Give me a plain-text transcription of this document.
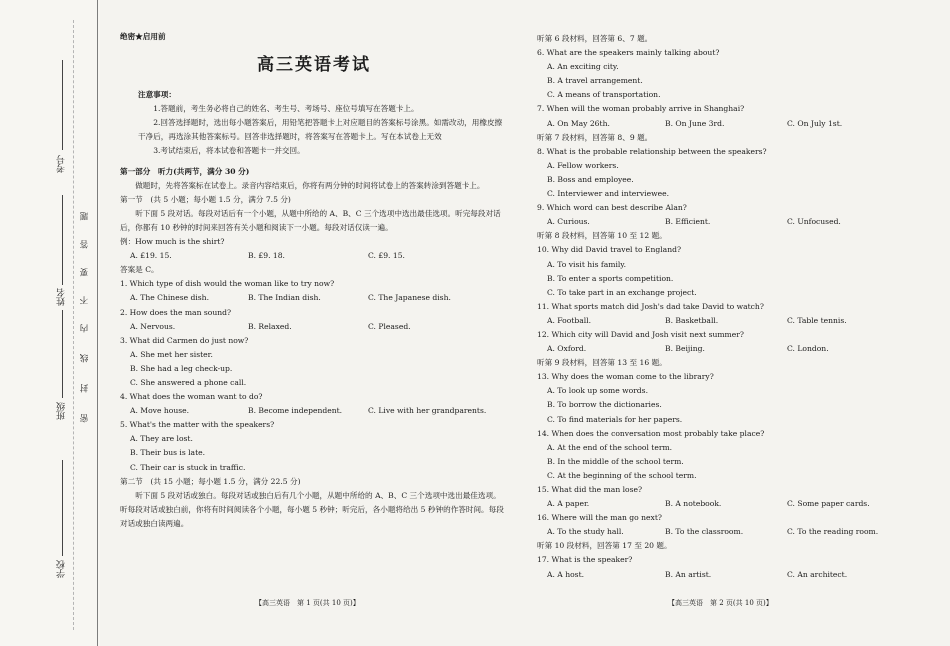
考号
姓名
班级
学校
题
答
要
不
内
线
封
密
绝密★启用前
高三英语考试
注意事项：
1.答题前，考生务必将自己的姓名、考生号、考场号、座位号填写在答题卡上。
2.回答选择题时，选出每小题答案后，用铅笔把答题卡上对应题目的答案标号涂黑。如需改动，用橡皮擦干净后，再选涂其他答案标号。回答非选择题时，将答案写在答题卡上。写在本试卷上无效
3.考试结束后，将本试卷和答题卡一并交回。
第一部分　听力(共两节，满分 30 分)
做题时，先将答案标在试卷上。录音内容结束后，你将有两分钟的时间将试卷上的答案转涂到答题卡上。
第一节　(共 5 小题；每小题 1.5 分，满分 7.5 分)
听下面 5 段对话。每段对话后有一个小题，从题中所给的 A、B、C 三个选项中选出最佳选项。听完每段对话后，你都有 10 秒钟的时间来回答有关小题和阅读下一小题。每段对话仅读一遍。
例：How much is the shirt?
A. £19. 15.	B. £9. 18.	C. £9. 15.
答案是 C。
1. Which type of dish would the woman like to try now?
A. The Chinese dish.	B. The Indian dish.	C. The Japanese dish.
2. How does the man sound?
A. Nervous.	B. Relaxed.	C. Pleased.
3. What did Carmen do just now?
A. She met her sister.
B. She had a leg check-up.
C. She answered a phone call.
4. What does the woman want to do?
A. Move house.	B. Become independent.	C. Live with her grandparents.
5. What's the matter with the speakers?
A. They are lost.
B. Their bus is late.
C. Their car is stuck in traffic.
第二节　(共 15 小题；每小题 1.5 分，满分 22.5 分)
听下面 5 段对话或独白。每段对话或独白后有几个小题，从题中所给的 A、B、C 三个选项中选出最佳选项。听每段对话或独白前，你将有时间阅读各个小题，每小题 5 秒钟；听完后，各小题将给出 5 秒钟的作答时间。每段对话或独白读两遍。
听第 6 段材料，回答第 6、7 题。
6. What are the speakers mainly talking about?
A. An exciting city.
B. A travel arrangement.
C. A means of transportation.
7. When will the woman probably arrive in Shanghai?
A. On May 26th.	B. On June 3rd.	C. On July 1st.
听第 7 段材料，回答第 8、9 题。
8. What is the probable relationship between the speakers?
A. Fellow workers.
B. Boss and employee.
C. Interviewer and interviewee.
9. Which word can best describe Alan?
A. Curious.	B. Efficient.	C. Unfocused.
听第 8 段材料，回答第 10 至 12 题。
10. Why did David travel to England?
A. To visit his family.
B. To enter a sports competition.
C. To take part in an exchange project.
11. What sports match did Josh's dad take David to watch?
A. Football.	B. Basketball.	C. Table tennis.
12. Which city will David and Josh visit next summer?
A. Oxford.	B. Beijing.	C. London.
听第 9 段材料，回答第 13 至 16 题。
13. Why does the woman come to the library?
A. To look up some words.
B. To borrow the dictionaries.
C. To find materials for her papers.
14. When does the conversation most probably take place?
A. At the end of the school term.
B. In the middle of the school term.
C. At the beginning of the school term.
15. What did the man lose?
A. A paper.	B. A notebook.	C. Some paper cards.
16. Where will the man go next?
A. To the study hall.	B. To the classroom.	C. To the reading room.
听第 10 段材料，回答第 17 至 20 题。
17. What is the speaker?
A. A host.	B. An artist.	C. An architect.
【高三英语　第 1 页(共 10 页)】	【高三英语　第 2 页(共 10 页)】
